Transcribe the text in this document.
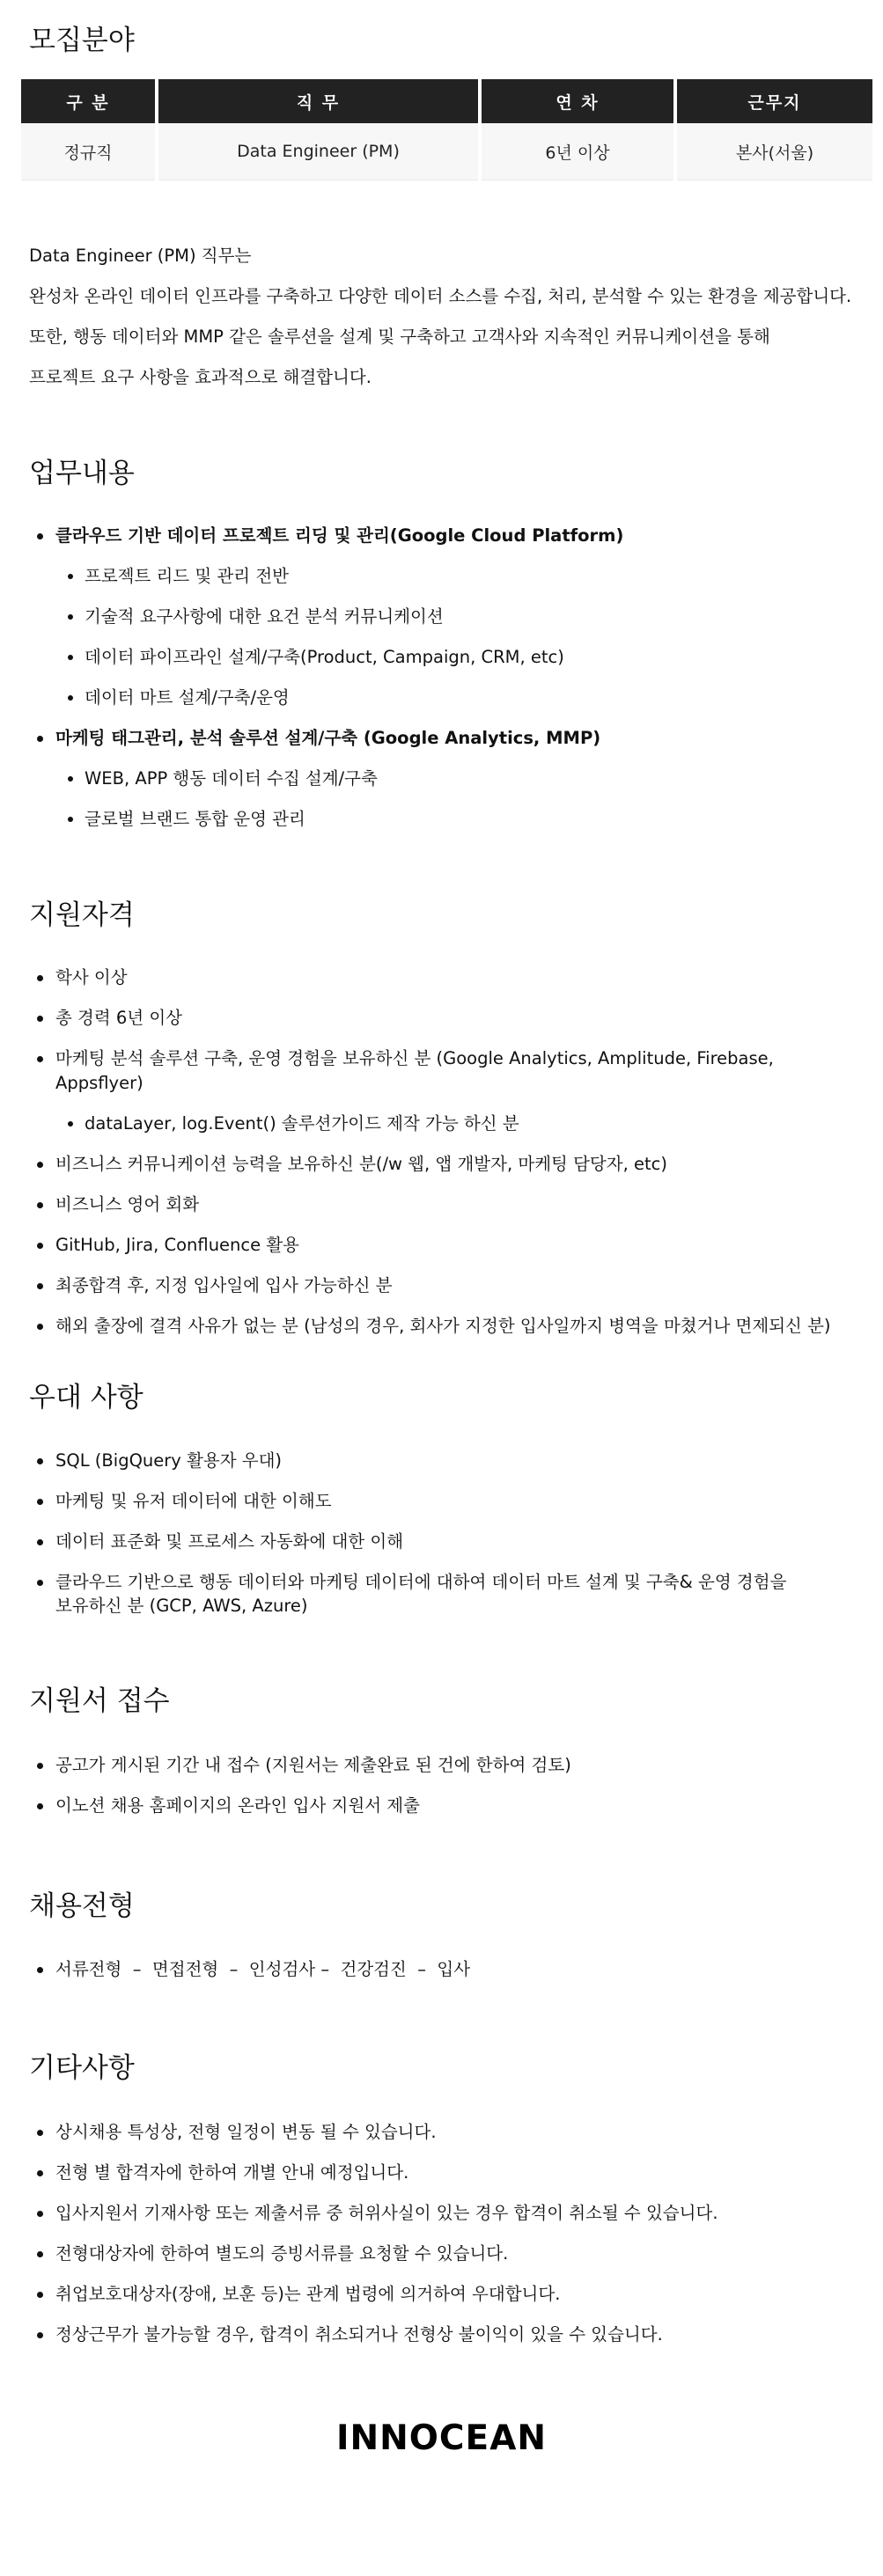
모집분야
구 분	직 무	연 차	근무지
정규직	Data Engineer (PM)	6년 이상	본사(서울)

Data Engineer (PM) 직무는

완성차 온라인 데이터 인프라를 구축하고 다양한 데이터 소스를 수집, 처리, 분석할 수 있는 환경을 제공합니다.

또한, 행동 데이터와 MMP 같은 솔루션을 설계 및 구축하고 고객사와 지속적인 커뮤니케이션을 통해

프로젝트 요구 사항을 효과적으로 해결합니다.

업무내용
클라우드 기반 데이터 프로젝트 리딩 및 관리(Google Cloud Platform)
프로젝트 리드 및 관리 전반
기술적 요구사항에 대한 요건 분석 커뮤니케이션
데이터 파이프라인 설계/구축(Product, Campaign, CRM, etc)
데이터 마트 설계/구축/운영
마케팅 태그관리, 분석 솔루션 설계/구축 (Google Analytics, MMP)
WEB, APP 행동 데이터 수집 설계/구축
글로벌 브랜드 통합 운영 관리
지원자격
학사 이상
총 경력 6년 이상
마케팅 분석 솔루션 구축, 운영 경험을 보유하신 분 (Google Analytics, Amplitude, Firebase, Appsflyer)
dataLayer, log.Event() 솔루션가이드 제작 가능 하신 분
비즈니스 커뮤니케이션 능력을 보유하신 분(/w 웹, 앱 개발자, 마케팅 담당자, etc)
비즈니스 영어 회화
GitHub, Jira, Confluence 활용
최종합격 후, 지정 입사일에 입사 가능하신 분
해외 출장에 결격 사유가 없는 분 (남성의 경우, 회사가 지정한 입사일까지 병역을 마쳤거나 면제되신 분)
우대 사항
SQL (BigQuery 활용자 우대)
마케팅 및 유저 데이터에 대한 이해도
데이터 표준화 및 프로세스 자동화에 대한 이해
클라우드 기반으로 행동 데이터와 마케팅 데이터에 대하여 데이터 마트 설계 및 구축& 운영 경험을
보유하신 분 (GCP, AWS, Azure)
지원서 접수
공고가 게시된 기간 내 접수 (지원서는 제출완료 된 건에 한하여 검토)
이노션 채용 홈페이지의 온라인 입사 지원서 제출
채용전형
서류전형  –  면접전형  –  인성검사 –  건강검진  –  입사
기타사항
상시채용 특성상, 전형 일정이 변동 될 수 있습니다.
전형 별 합격자에 한하여 개별 안내 예정입니다.
입사지원서 기재사항 또는 제출서류 중 허위사실이 있는 경우 합격이 취소될 수 있습니다.
전형대상자에 한하여 별도의 증빙서류를 요청할 수 있습니다.
취업보호대상자(장애, 보훈 등)는 관계 법령에 의거하여 우대합니다.
정상근무가 불가능할 경우, 합격이 취소되거나 전형상 불이익이 있을 수 있습니다.
INNOCEAN
